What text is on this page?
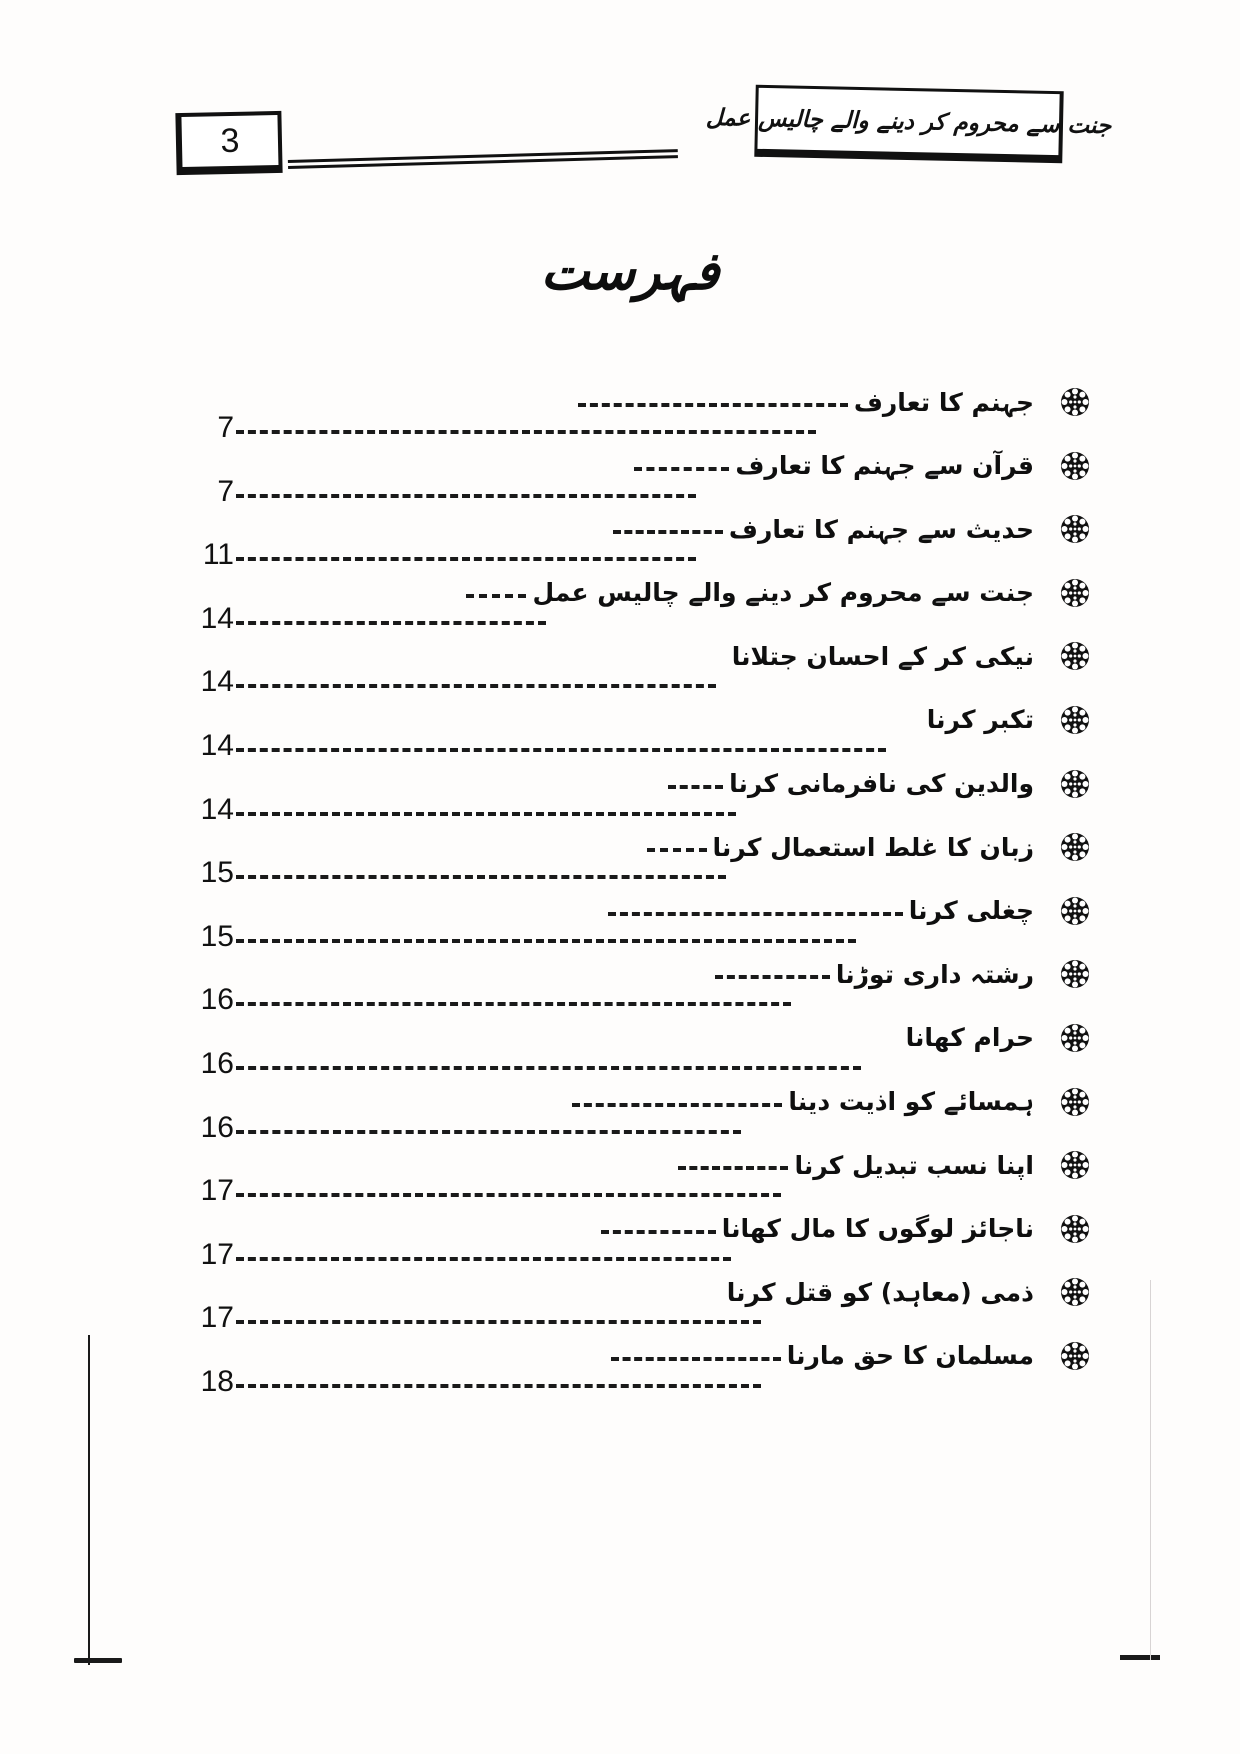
3
جنت سے محروم کر دینے والے چالیس عمل
فہرست
جہنم کا تعارف
7
قرآن سے جہنم کا تعارف
7
حدیث سے جہنم کا تعارف
11
جنت سے محروم کر دینے والے چالیس عمل
14
نیکی کر کے احسان جتلانا
14
تکبر کرنا
14
والدین کی نافرمانی کرنا
14
زبان کا غلط استعمال کرنا
15
چغلی کرنا
15
رشتہ داری توڑنا
16
حرام کھانا
16
ہمسائے کو اذیت دینا
16
اپنا نسب تبدیل کرنا
17
ناجائز لوگوں کا مال کھانا
17
ذمی (معاہد) کو قتل کرنا
17
مسلمان کا حق مارنا
18
